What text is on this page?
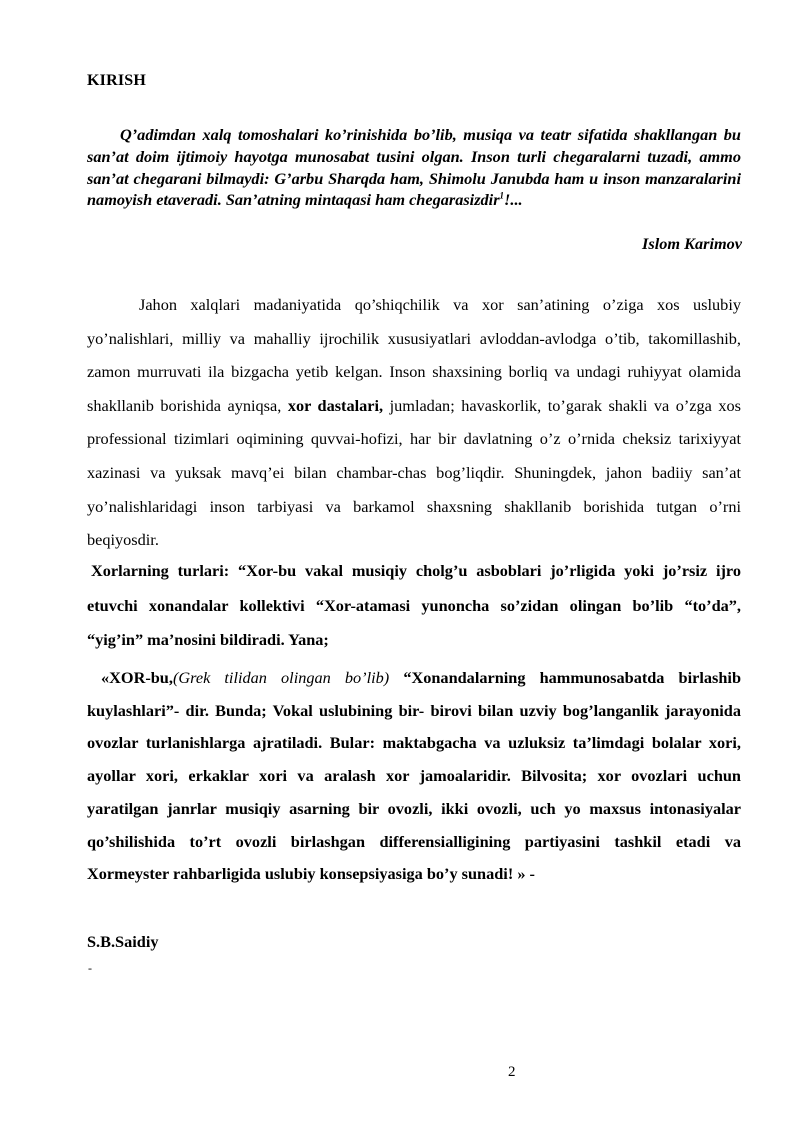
KIRISH

Q’adimdan xalq tomoshalari ko’rinishida bo’lib, musiqa va teatr sifatida shakllangan bu san’at doim ijtimoiy hayotga munosabat tusini olgan. Inson turli chegaralarni tuzadi, ammo san’at chegarani bilmaydi: G’arbu Sharqda ham, Shimolu Janubda ham u inson manzaralarini namoyish etaveradi. San’atning mintaqasi ham chegarasizdir$^1$!...

Islom Karimov

Jahon xalqlari madaniyatida qo’shiqchilik va xor san’atining o’ziga xos uslubiy yo’nalishlari, milliy va mahalliy ijrochilik xususiyatlari avloddan-avlodga o’tib, takomillashib, zamon murruvati ila bizgacha yetib kelgan. Inson shaxsining borliq va undagi ruhiyyat olamida shakllanib borishida ayniqsa, xor dastalari, jumladan; havaskorlik, to’garak shakli va o’zga xos professional tizimlari oqimining quvvai-hofizi, har bir davlatning o’z o’rnida cheksiz tarixiyyat xazinasi va yuksak mavq’ei bilan chambar-chas bog’liqdir. Shuningdek, jahon badiiy san’at yo’nalishlaridagi inson tarbiyasi va barkamol shaxsning shakllanib borishida tutgan o’rni beqiyosdir.

Xorlarning turlari: “Xor-bu vakal musiqiy cholg’u asboblari jo’rligida yoki jo’rsiz ijro etuvchi xonandalar kollektivi “Xor-atamasi yunoncha so’zidan olingan bo’lib “to’da”, “yig’in” ma’nosini bildiradi. Yana;

«XOR-bu,(Grek tilidan olingan bo’lib) “Xonandalarning hammunosabatda birlashib kuylashlari”- dir. Bunda; Vokal uslubining bir- birovi bilan uzviy bog’langanlik jarayonida ovozlar turlanishlarga ajratiladi. Bular: maktabgacha va uzluksiz ta’limdagi bolalar xori, ayollar xori, erkaklar xori va aralash xor jamoalaridir. Bilvosita; xor ovozlari uchun yaratilgan janrlar musiqiy asarning bir ovozli, ikki ovozli, uch yo maxsus intonasiyalar qo’shilishida to’rt ovozli birlashgan differensialligining partiyasini tashkil etadi va Xormeyster rahbarligida uslubiy konsepsiyasiga bo’y sunadi! » -

S.B.Saidiy

-
2
